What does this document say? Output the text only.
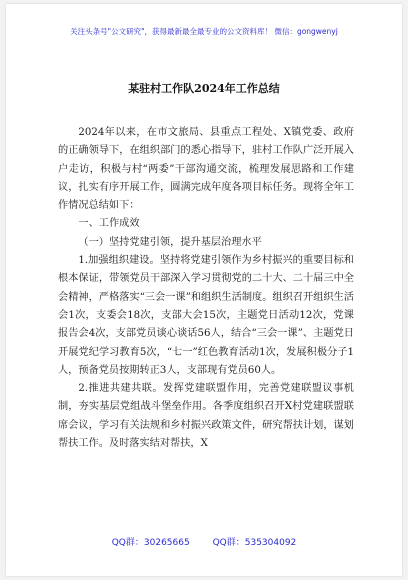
关注头条号"公文研究"，获得最新最全最专业的公文资料库！ 微信：gongwenyj
某驻村工作队2024年工作总结

2024年以来，在市文旅局、县重点工程处、X镇党委、政府的正确领导下，在组织部门的悉心指导下，驻村工作队广泛开展入户走访，积极与村“两委”干部沟通交流，梳理发展思路和工作建议，扎实有序开展工作，圆满完成年度各项目标任务。现将全年工作情况总结如下：

一、工作成效

（一）坚持党建引领，提升基层治理水平

1.加强组织建设。坚持将党建引领作为乡村振兴的重要目标和根本保证，带领党员干部深入学习贯彻党的二十大、二十届三中全会精神，严格落实“三会一课”和组织生活制度。组织召开组织生活会1次，支委会18次，支部大会15次，主题党日活动12次，党课报告会4次，支部党员谈心谈话56人，结合“三会一课”、主题党日开展党纪学习教育5次，“七一”红色教育活动1次，发展积极分子1人，预备党员按期转正3人，支部现有党员60人。

2.推进共建共联。发挥党建联盟作用，完善党建联盟议事机制，夯实基层党组战斗堡垒作用。各季度组织召开X村党建联盟联席会议，学习有关法规和乡村振兴政策文件，研究帮扶计划，谋划帮扶工作。及时落实结对帮扶，X

QQ群：30265665	QQ群：535304092
